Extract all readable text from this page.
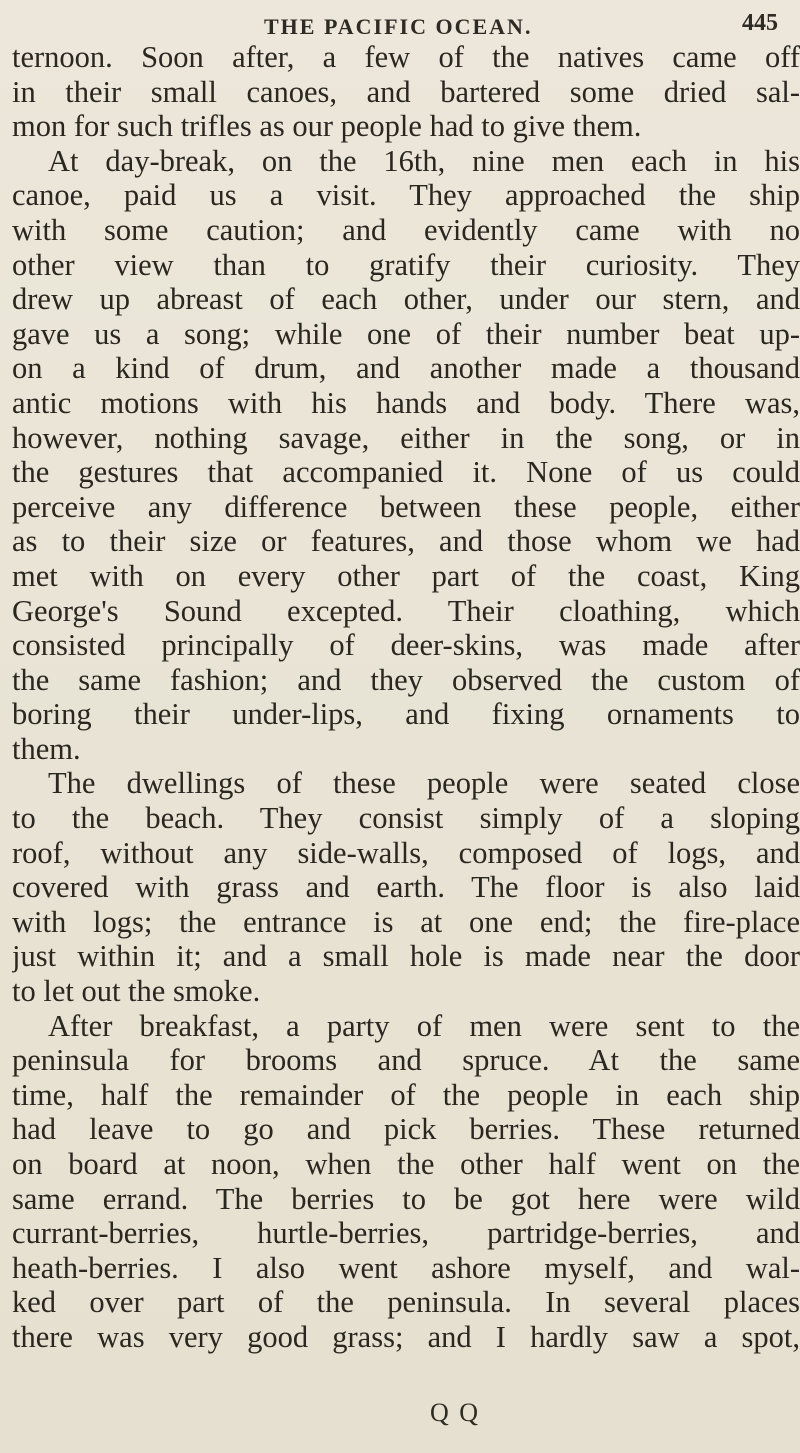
THE PACIFIC OCEAN.	445
ternoon. Soon after, a few of the natives came off
in their small canoes, and bartered some dried sal-
mon for such trifles as our people had to give them.
At day-break, on the 16th, nine men each in his
canoe, paid us a visit. They approached the ship
with some caution; and evidently came with no
other view than to gratify their curiosity. They
drew up abreast of each other, under our stern, and
gave us a song; while one of their number beat up-
on a kind of drum, and another made a thousand
antic motions with his hands and body. There was,
however, nothing savage, either in the song, or in
the gestures that accompanied it. None of us could
perceive any difference between these people, either
as to their size or features, and those whom we had
met with on every other part of the coast, King
George's Sound excepted. Their cloathing, which
consisted principally of deer-skins, was made after
the same fashion; and they observed the custom of
boring their under-lips, and fixing ornaments to
them.
The dwellings of these people were seated close
to the beach. They consist simply of a sloping
roof, without any side-walls, composed of logs, and
covered with grass and earth. The floor is also laid
with logs; the entrance is at one end; the fire-place
just within it; and a small hole is made near the door
to let out the smoke.
After breakfast, a party of men were sent to the
peninsula for brooms and spruce. At the same
time, half the remainder of the people in each ship
had leave to go and pick berries. These returned
on board at noon, when the other half went on the
same errand. The berries to be got here were wild
currant-berries, hurtle-berries, partridge-berries, and
heath-berries. I also went ashore myself, and wal-
ked over part of the peninsula. In several places
there was very good grass; and I hardly saw a spot,
Q Q
